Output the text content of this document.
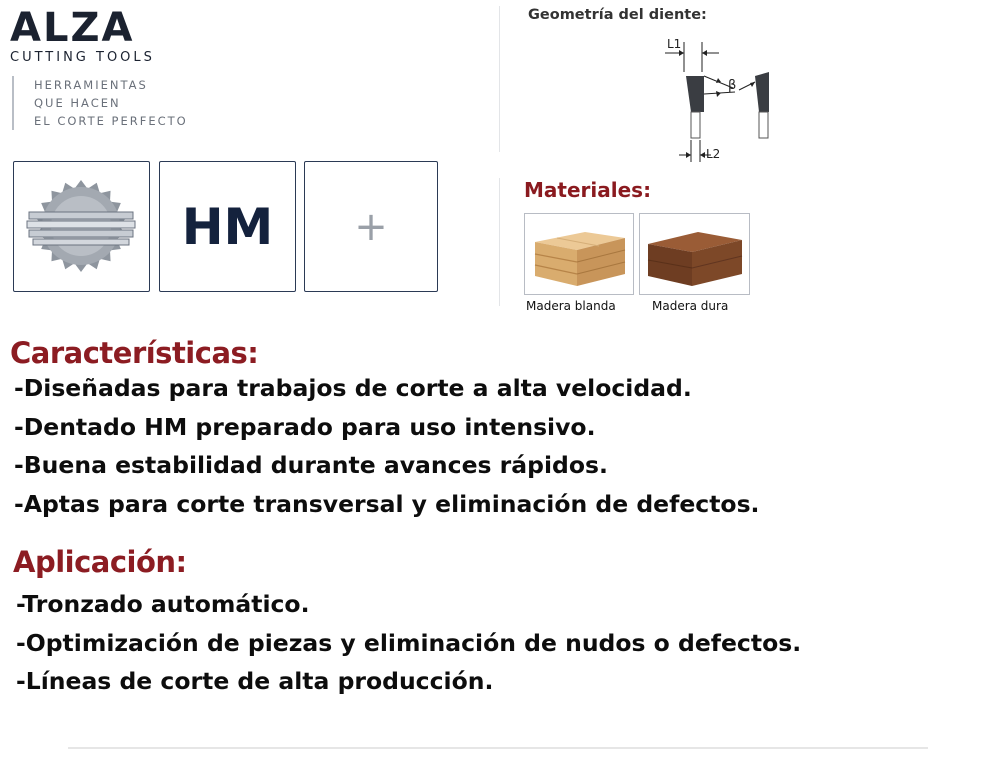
ALZA
CUTTING TOOLS
HERRAMIENTAS
QUE HACEN
EL CORTE PERFECTO
HM	+
Geometría del diente:
L1
β
L2
Materiales:
Madera blanda	Madera dura
Características:
-Diseñadas para trabajos de corte a alta velocidad.
-Dentado HM preparado para uso intensivo.
-Buena estabilidad durante avances rápidos.
-Aptas para corte transversal y eliminación de defectos.
Aplicación:
-Tronzado automático.
-Optimización de piezas y eliminación de nudos o defectos.
-Líneas de corte de alta producción.
